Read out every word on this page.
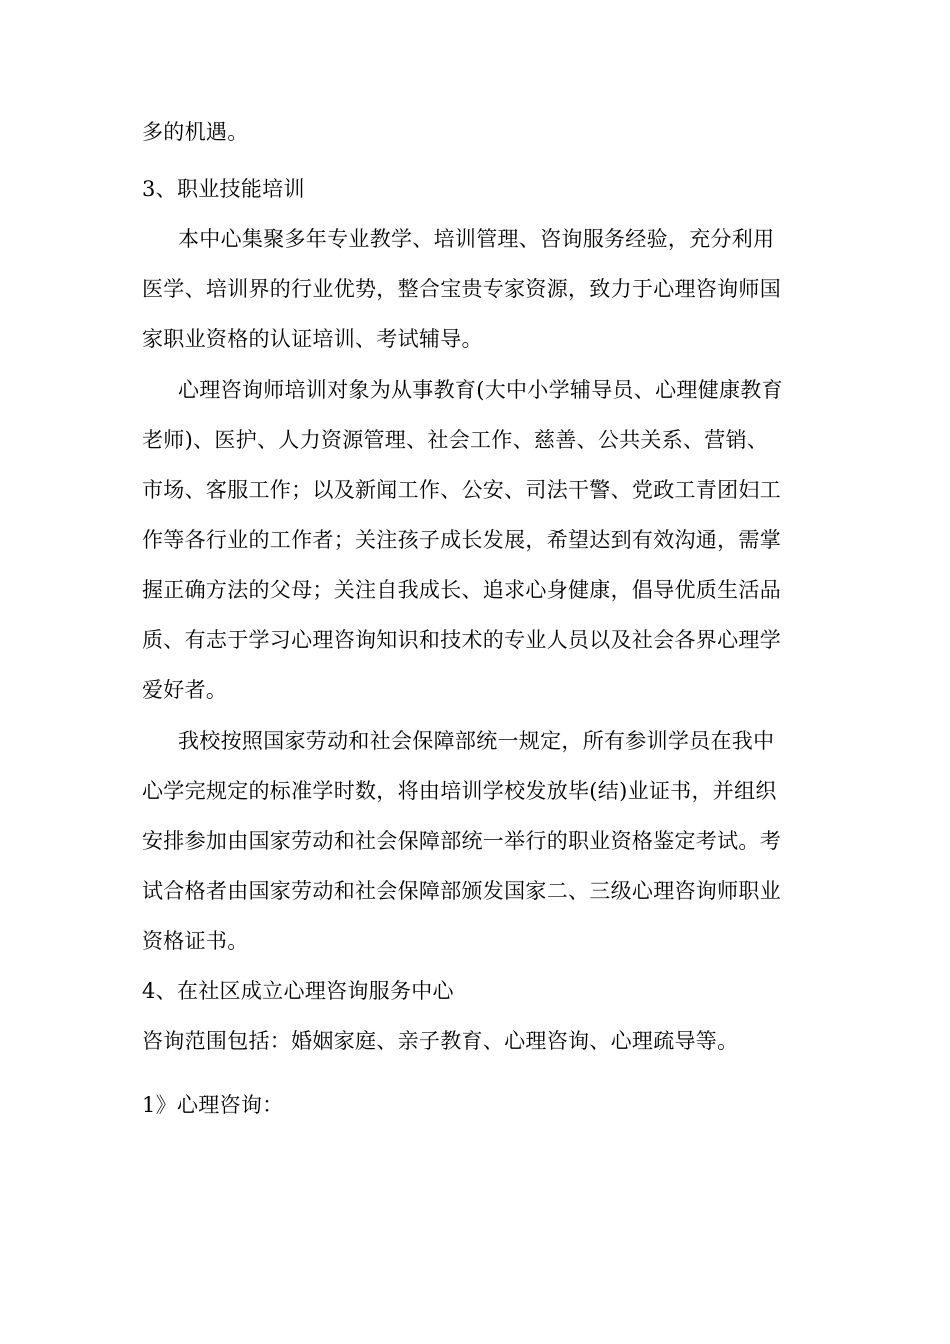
多的机遇。

3、职业技能培训

本中心集聚多年专业教学、培训管理、咨询服务经验，充分利用

医学、培训界的行业优势，整合宝贵专家资源，致力于心理咨询师国

家职业资格的认证培训、考试辅导。

心理咨询师培训对象为从事教育(大中小学辅导员、心理健康教育

老师)、医护、人力资源管理、社会工作、慈善、公共关系、营销、

市场、客服工作；以及新闻工作、公安、司法干警、党政工青团妇工

作等各行业的工作者；关注孩子成长发展，希望达到有效沟通，需掌

握正确方法的父母；关注自我成长、追求心身健康，倡导优质生活品

质、有志于学习心理咨询知识和技术的专业人员以及社会各界心理学

爱好者。

我校按照国家劳动和社会保障部统一规定，所有参训学员在我中

心学完规定的标准学时数，将由培训学校发放毕(结)业证书，并组织

安排参加由国家劳动和社会保障部统一举行的职业资格鉴定考试。考

试合格者由国家劳动和社会保障部颁发国家二、三级心理咨询师职业

资格证书。

4、在社区成立心理咨询服务中心

咨询范围包括：婚姻家庭、亲子教育、心理咨询、心理疏导等。

1》心理咨询：
